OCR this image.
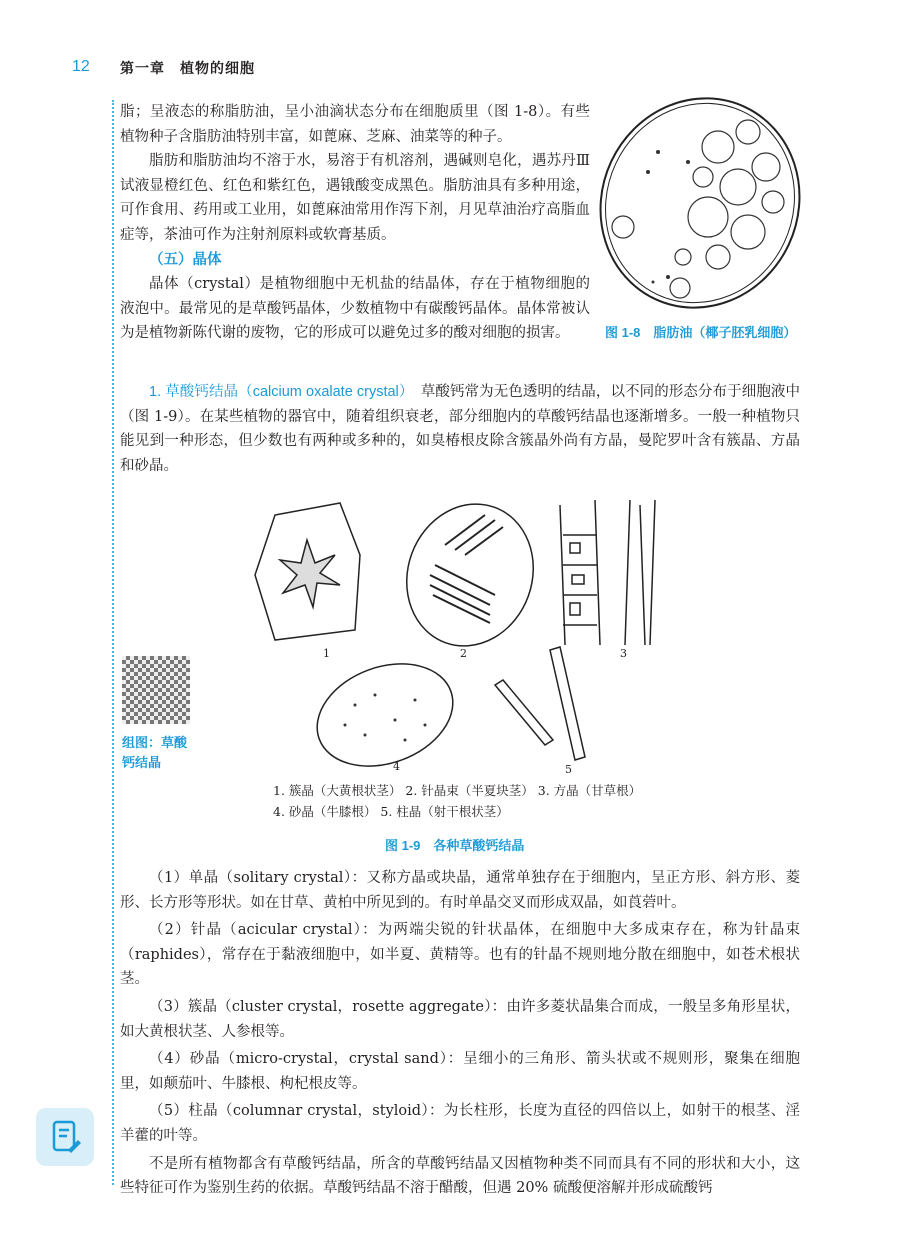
12 第一章　植物的细胞

脂；呈液态的称脂肪油，呈小油滴状态分布在细胞质里（图 1-8）。有些植物种子含脂肪油特别丰富，如蓖麻、芝麻、油菜等的种子。

脂肪和脂肪油均不溶于水，易溶于有机溶剂，遇碱则皂化，遇苏丹Ⅲ试液显橙红色、红色和紫红色，遇锇酸变成黑色。脂肪油具有多种用途，可作食用、药用或工业用，如蓖麻油常用作泻下剂，月见草油治疗高脂血症等，茶油可作为注射剂原料或软膏基质。

（五）晶体

晶体（crystal）是植物细胞中无机盐的结晶体，存在于植物细胞的液泡中。最常见的是草酸钙晶体，少数植物中有碳酸钙晶体。晶体常被认为是植物新陈代谢的废物，它的形成可以避免过多的酸对细胞的损害。	图 1-8　脂肪油（椰子胚乳细胞）

1. 草酸钙结晶（calcium oxalate crystal）　 草酸钙常为无色透明的结晶，以不同的形态分布于细胞液中（图 1-9）。在某些植物的器官中，随着组织衰老，部分细胞内的草酸钙结晶也逐渐增多。一般一种植物只能见到一种形态，但少数也有两种或多种的，如臭椿根皮除含簇晶外尚有方晶，曼陀罗叶含有簇晶、方晶和砂晶。

1	2	3
4	5
1. 簇晶（大黄根状茎） 2. 针晶束（半夏块茎） 3. 方晶（甘草根）
4. 砂晶（牛膝根） 5. 柱晶（射干根状茎）
图 1-9　各种草酸钙结晶
组图：草酸
钙结晶

（1）单晶（solitary crystal）：又称方晶或块晶，通常单独存在于细胞内，呈正方形、斜方形、菱形、长方形等形状。如在甘草、黄柏中所见到的。有时单晶交叉而形成双晶，如莨菪叶。

（2）针晶（acicular crystal）：为两端尖锐的针状晶体，在细胞中大多成束存在，称为针晶束（raphides），常存在于黏液细胞中，如半夏、黄精等。也有的针晶不规则地分散在细胞中，如苍术根状茎。

（3）簇晶（cluster crystal，rosette aggregate）：由许多菱状晶集合而成，一般呈多角形星状，如大黄根状茎、人参根等。

（4）砂晶（micro-crystal，crystal sand）：呈细小的三角形、箭头状或不规则形，聚集在细胞里，如颠茄叶、牛膝根、枸杞根皮等。

（5）柱晶（columnar crystal，styloid）：为长柱形，长度为直径的四倍以上，如射干的根茎、淫羊藿的叶等。

不是所有植物都含有草酸钙结晶，所含的草酸钙结晶又因植物种类不同而具有不同的形状和大小，这些特征可作为鉴别生药的依据。草酸钙结晶不溶于醋酸，但遇 20% 硫酸便溶解并形成硫酸钙
